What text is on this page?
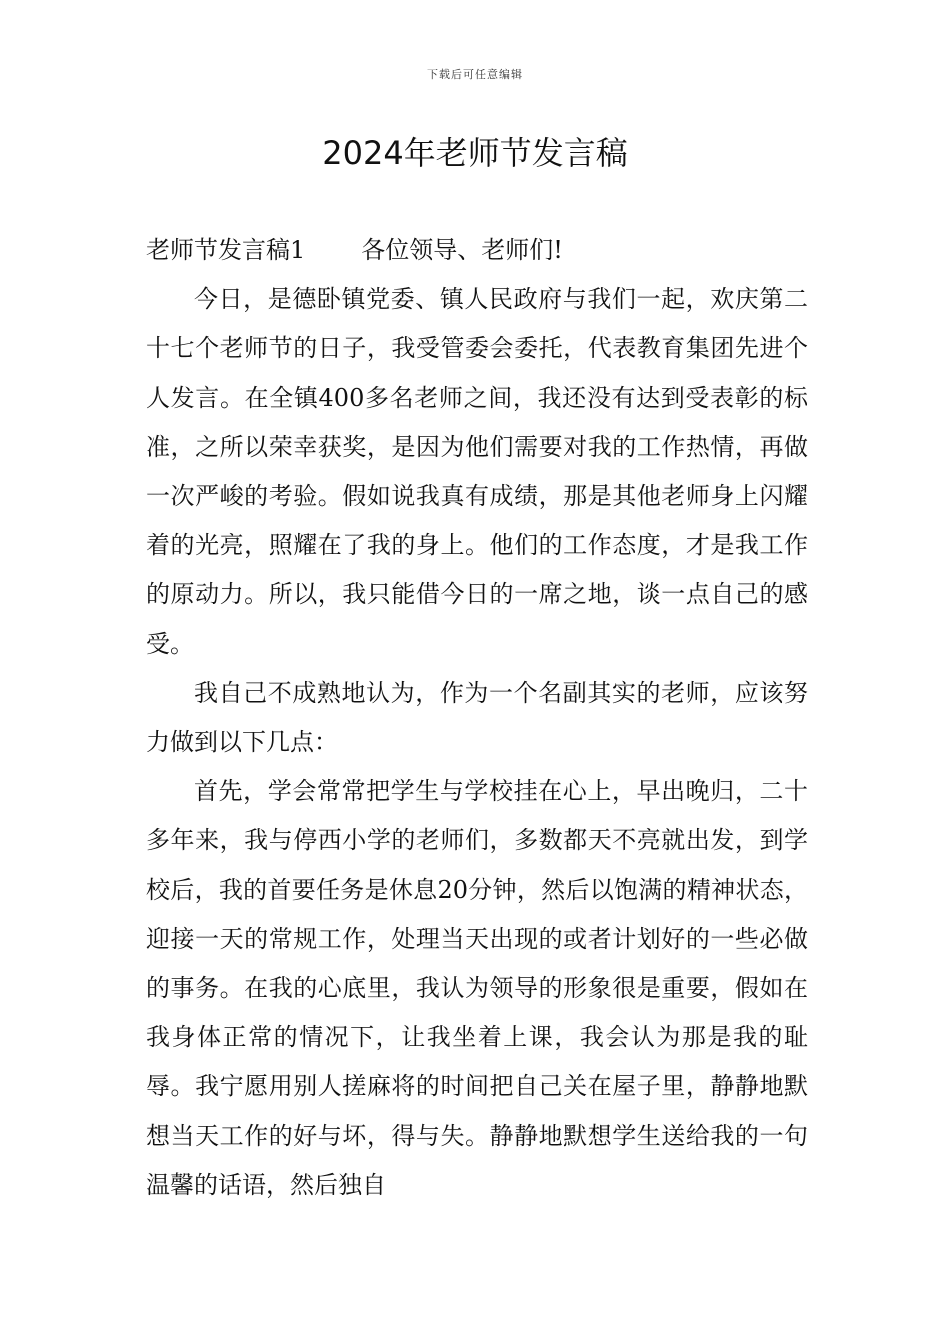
下载后可任意编辑
2024年老师节发言稿

老师节发言稿1 各位领导、老师们!

今日，是德卧镇党委、镇人民政府与我们一起，欢庆第二十七个老师节的日子，我受管委会委托，代表教育集团先进个人发言。在全镇400多名老师之间，我还没有达到受表彰的标准，之所以荣幸获奖，是因为他们需要对我的工作热情，再做一次严峻的考验。假如说我真有成绩，那是其他老师身上闪耀着的光亮，照耀在了我的身上。他们的工作态度，才是我工作的原动力。所以，我只能借今日的一席之地，谈一点自己的感受。

我自己不成熟地认为，作为一个名副其实的老师，应该努力做到以下几点：

首先，学会常常把学生与学校挂在心上，早出晚归，二十多年来，我与停西小学的老师们，多数都天不亮就出发，到学校后，我的首要任务是休息20分钟，然后以饱满的精神状态，迎接一天的常规工作，处理当天出现的或者计划好的一些必做的事务。在我的心底里，我认为领导的形象很是重要，假如在我身体正常的情况下，让我坐着上课，我会认为那是我的耻辱。我宁愿用别人搓麻将的时间把自己关在屋子里，静静地默想当天工作的好与坏，得与失。静静地默想学生送给我的一句温馨的话语，然后独自
